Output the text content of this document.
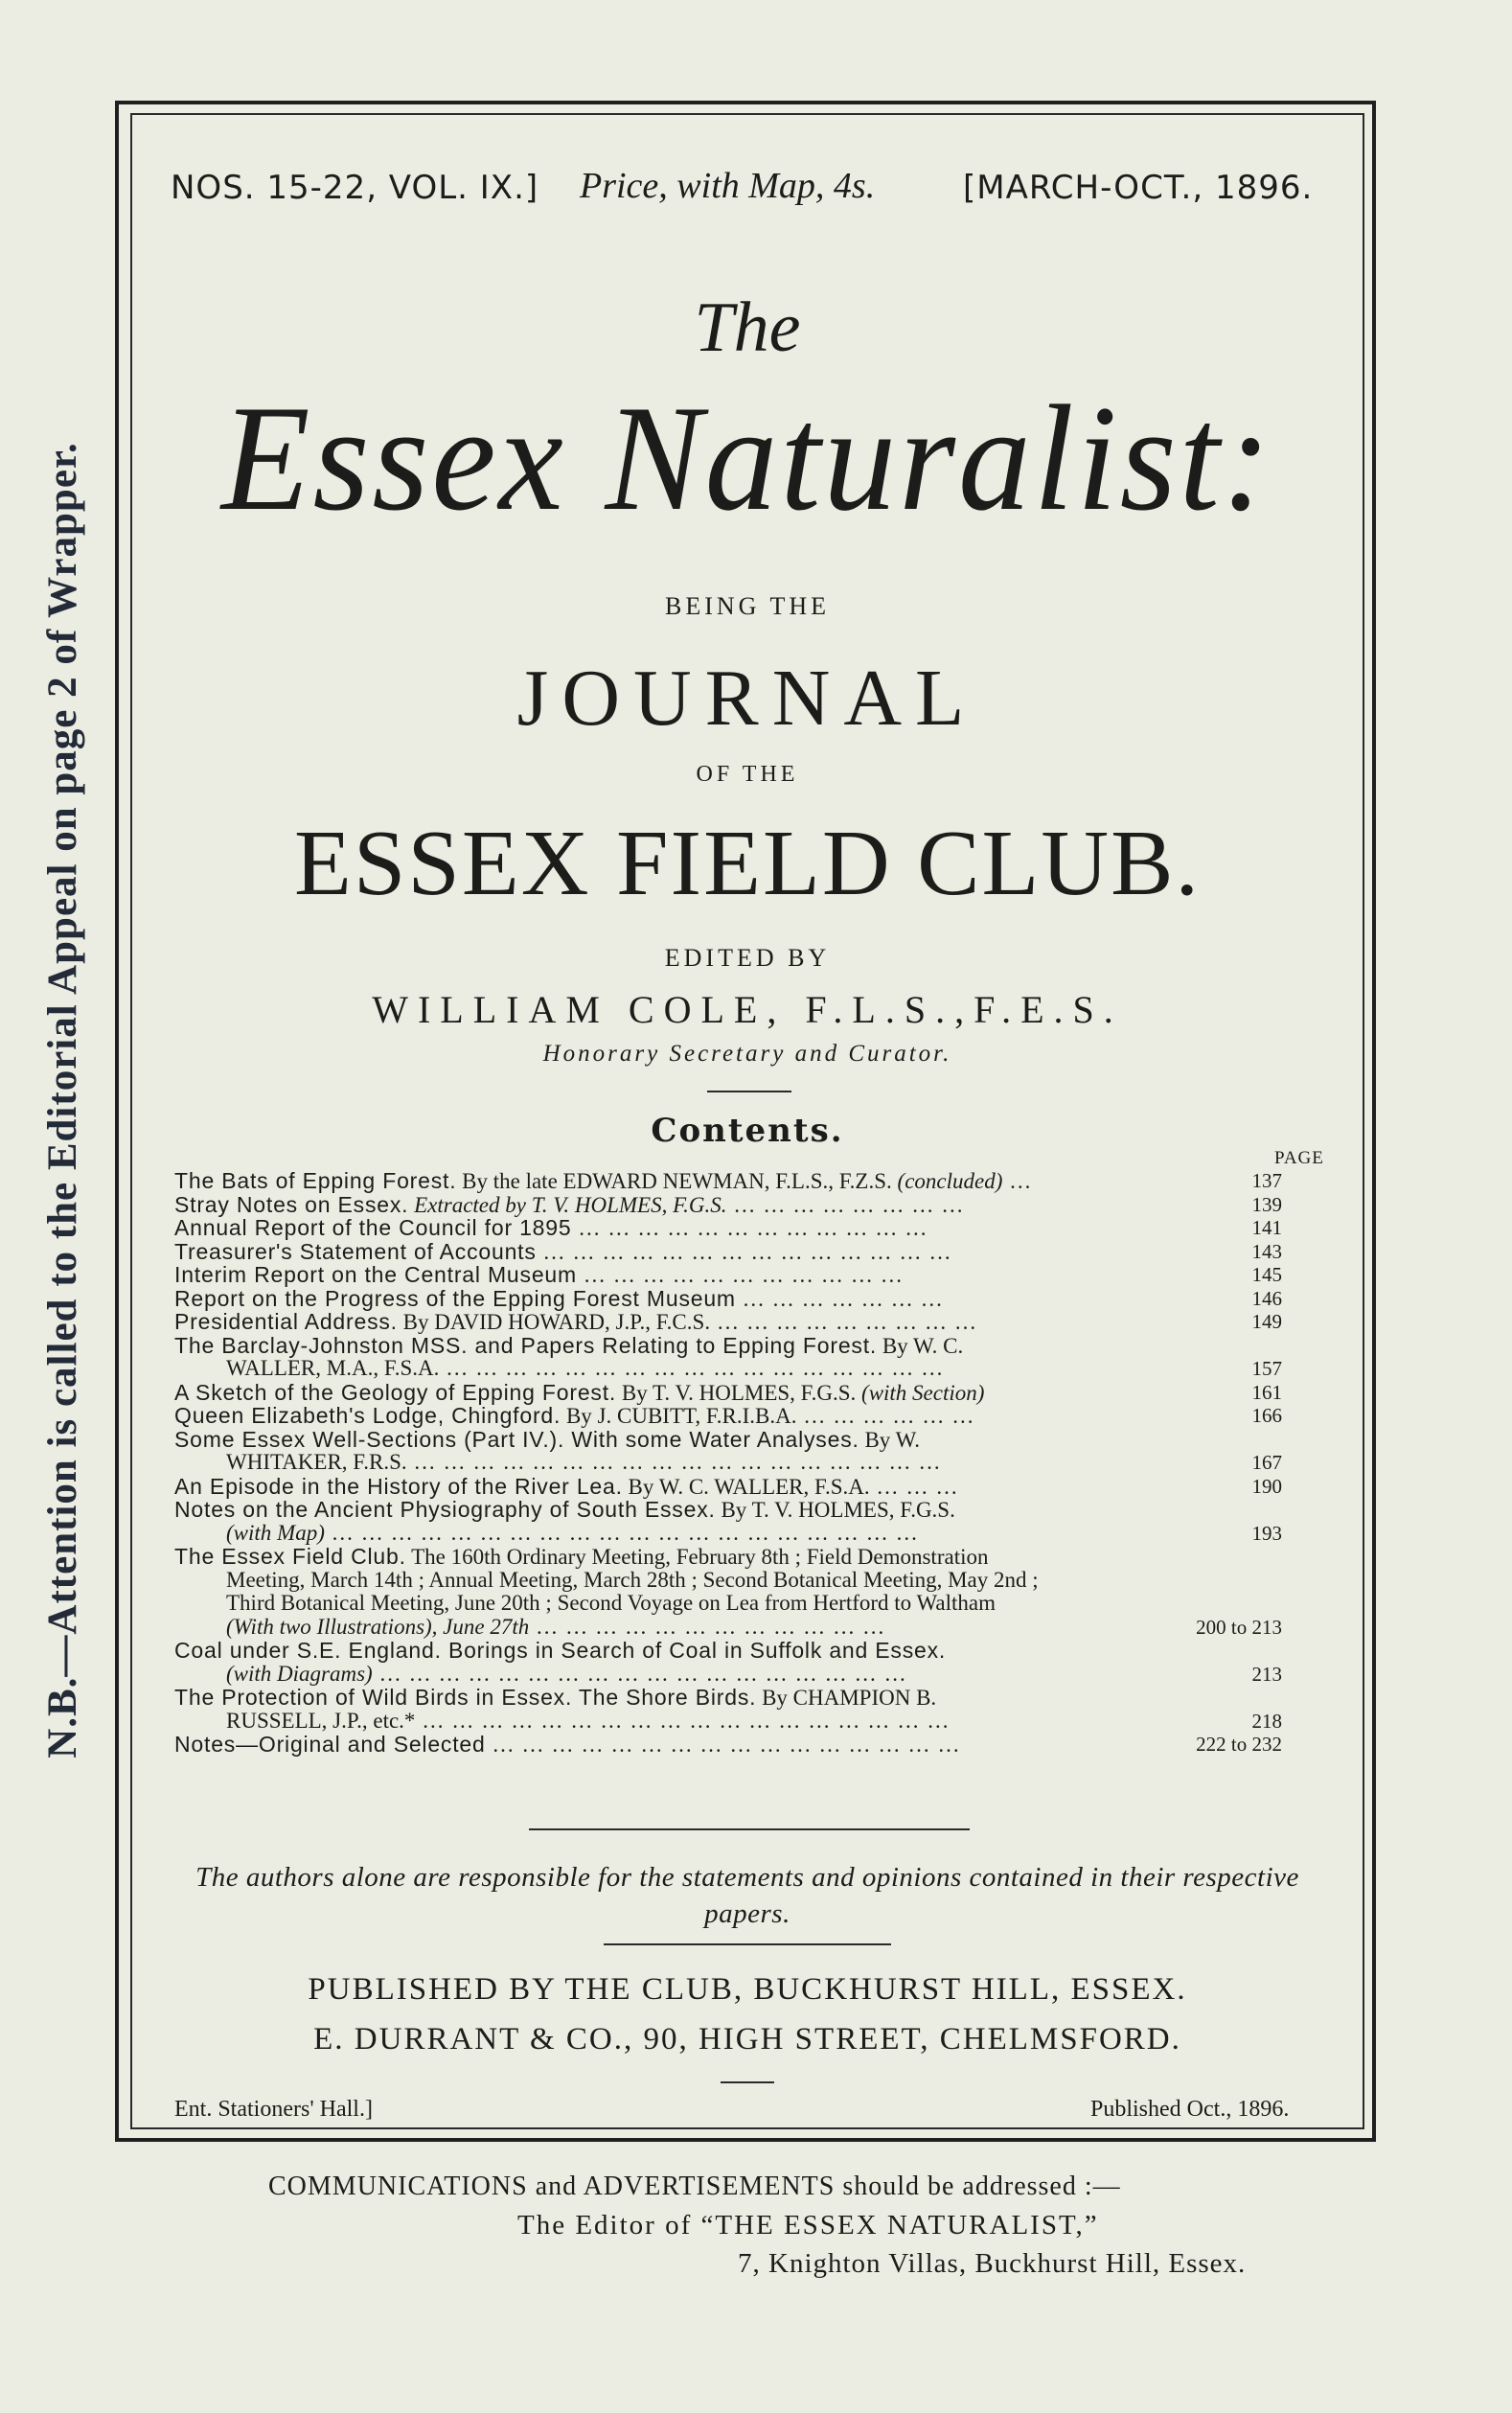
N.B.—Attention is called to the Editorial Appeal on page 2 of Wrapper.
NOS. 15-22, VOL. IX.] Price, with Map, 4s.	[MARCH-OCT., 1896.
The
Essex Naturalist:
BEING THE
JOURNAL
OF THE
ESSEX FIELD CLUB.
EDITED BY
WILLIAM COLE, F.L.S.,F.E.S.
Honorary Secretary and Curator.
Contents.
PAGE
The Bats of Epping Forest. By the late EDWARD NEWMAN, F.L.S., F.Z.S. (concluded) ...	137
Stray Notes on Essex. Extracted by T. V. HOLMES, F.G.S. ... ... ... ... ... ... ... ...	139
Annual Report of the Council for 1895 ... ... ... ... ... ... ... ... ... ... ... ...	141
Treasurer's Statement of Accounts ... ... ... ... ... ... ... ... ... ... ... ... ... ...	143
Interim Report on the Central Museum ... ... ... ... ... ... ... ... ... ... ...	145
Report on the Progress of the Epping Forest Museum ... ... ... ... ... ... ...	146
Presidential Address. By DAVID HOWARD, J.P., F.C.S. ... ... ... ... ... ... ... ... ...	149
The Barclay-Johnston MSS. and Papers Relating to Epping Forest. By W. C.
WALLER, M.A., F.S.A. ... ... ... ... ... ... ... ... ... ... ... ... ... ... ... ... ...	157
A Sketch of the Geology of Epping Forest. By T. V. HOLMES, F.G.S. (with Section)	161
Queen Elizabeth's Lodge, Chingford. By J. CUBITT, F.R.I.B.A. ... ... ... ... ... ...	166
Some Essex Well-Sections (Part IV.). With some Water Analyses. By W.
WHITAKER, F.R.S. ... ... ... ... ... ... ... ... ... ... ... ... ... ... ... ... ... ...	167
An Episode in the History of the River Lea. By W. C. WALLER, F.S.A. ... ... ...	190
Notes on the Ancient Physiography of South Essex. By T. V. HOLMES, F.G.S.
(with Map) ... ... ... ... ... ... ... ... ... ... ... ... ... ... ... ... ... ... ... ...	193
The Essex Field Club. The 160th Ordinary Meeting, February 8th ; Field Demonstration
Meeting, March 14th ; Annual Meeting, March 28th ; Second Botanical Meeting, May 2nd ;
Third Botanical Meeting, June 20th ; Second Voyage on Lea from Hertford to Waltham
(With two Illustrations), June 27th ... ... ... ... ... ... ... ... ... ... ... ...	200 to 213
Coal under S.E. England. Borings in Search of Coal in Suffolk and Essex.
(with Diagrams) ... ... ... ... ... ... ... ... ... ... ... ... ... ... ... ... ... ...	213
The Protection of Wild Birds in Essex. The Shore Birds. By CHAMPION B.
RUSSELL, J.P., etc.* ... ... ... ... ... ... ... ... ... ... ... ... ... ... ... ... ... ...	218
Notes—Original and Selected ... ... ... ... ... ... ... ... ... ... ... ... ... ... ... ...	222 to 232
The authors alone are responsible for the statements and opinions contained in their respective papers.
PUBLISHED BY THE CLUB, BUCKHURST HILL, ESSEX.
E. DURRANT & CO., 90, HIGH STREET, CHELMSFORD.
Ent. Stationers' Hall.]	Published Oct., 1896.
COMMUNICATIONS and ADVERTISEMENTS should be addressed :—
The Editor of “THE ESSEX NATURALIST,”
7, Knighton Villas, Buckhurst Hill, Essex.
